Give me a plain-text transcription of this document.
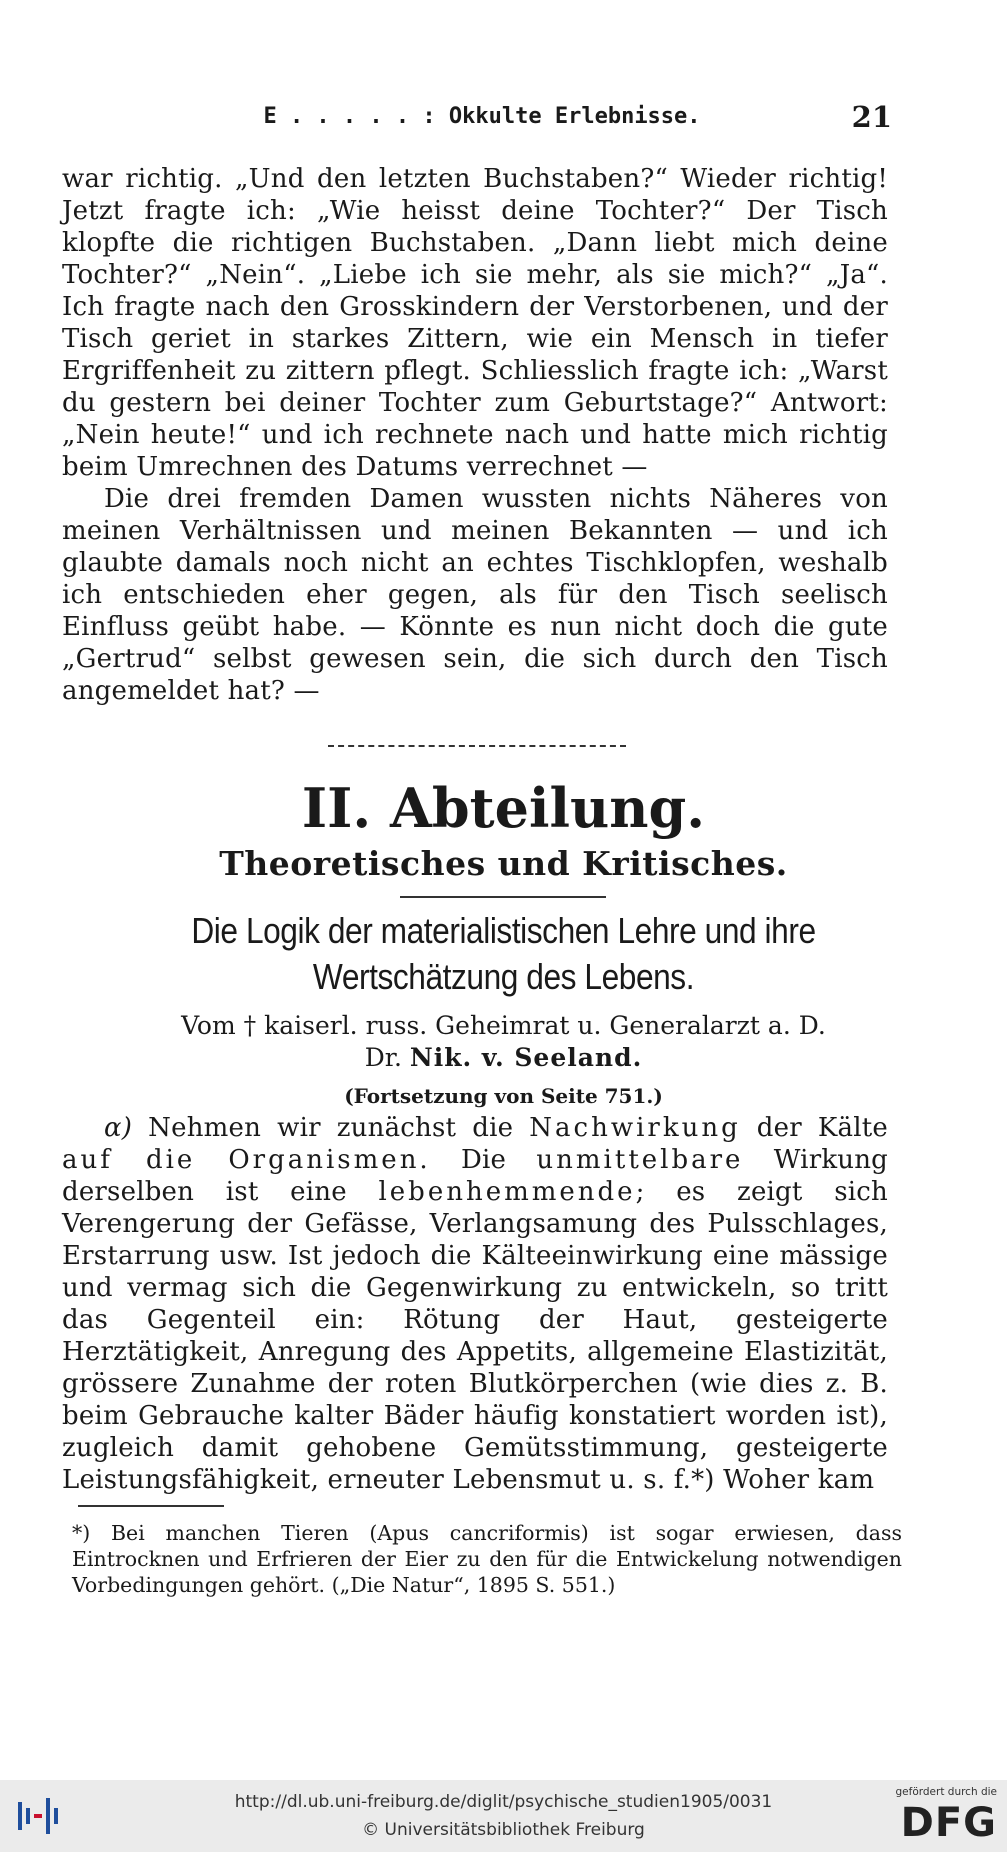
E . . . . . : Okkulte Erlebnisse.	21

war richtig. „Und den letzten Buchstaben?“ Wieder richtig! Jetzt fragte ich: „Wie heisst deine Tochter?“ Der Tisch klopfte die richtigen Buchstaben. „Dann liebt mich deine Tochter?“ „Nein“. „Liebe ich sie mehr, als sie mich?“ „Ja“. Ich fragte nach den Grosskindern der Verstorbenen, und der Tisch geriet in starkes Zittern, wie ein Mensch in tiefer Ergriffenheit zu zittern pflegt. Schliesslich fragte ich: „Warst du gestern bei deiner Tochter zum Geburtstage?“ Antwort: „Nein heute!“ und ich rechnete nach und hatte mich richtig beim Umrechnen des Datums verrechnet —

Die drei fremden Damen wussten nichts Näheres von meinen Verhältnissen und meinen Bekannten — und ich glaubte damals noch nicht an echtes Tischklopfen, weshalb ich entschieden eher gegen, als für den Tisch seelisch Einfluss geübt habe. — Könnte es nun nicht doch die gute „Gertrud“ selbst gewesen sein, die sich durch den Tisch angemeldet hat? —

II. Abteilung.
Theoretisches und Kritisches.
Die Logik der materialistischen Lehre und ihre
Wertschätzung des Lebens.
Vom † kaiserl. russ. Geheimrat u. Generalarzt a. D.
Dr. Nik. v. Seeland.
(Fortsetzung von Seite 751.)

α) Nehmen wir zunächst die Nachwirkung der Kälte auf die Organismen. Die unmittelbare Wirkung derselben ist eine lebenhemmende; es zeigt sich Verengerung der Gefässe, Verlangsamung des Pulsschlages, Erstarrung usw. Ist jedoch die Kälteeinwirkung eine mässige und vermag sich die Gegenwirkung zu entwickeln, so tritt das Gegenteil ein: Rötung der Haut, gesteigerte Herztätigkeit, Anregung des Appetits, allgemeine Elastizität, grössere Zunahme der roten Blutkörperchen (wie dies z. B. beim Gebrauche kalter Bäder häufig konstatiert worden ist), zugleich damit gehobene Gemütsstimmung, gesteigerte Leistungsfähigkeit, erneuter Lebensmut u. s. f.*) Woher kam

*) Bei manchen Tieren (Apus cancriformis) ist sogar erwiesen, dass Eintrocknen und Erfrieren der Eier zu den für die Entwickelung notwendigen Vorbedingungen gehört. („Die Natur“, 1895 S. 551.)

http://dl.ub.uni-freiburg.de/diglit/psychische_studien1905/0031
© Universitätsbibliothek Freiburg
gefördert durch die
DFG
